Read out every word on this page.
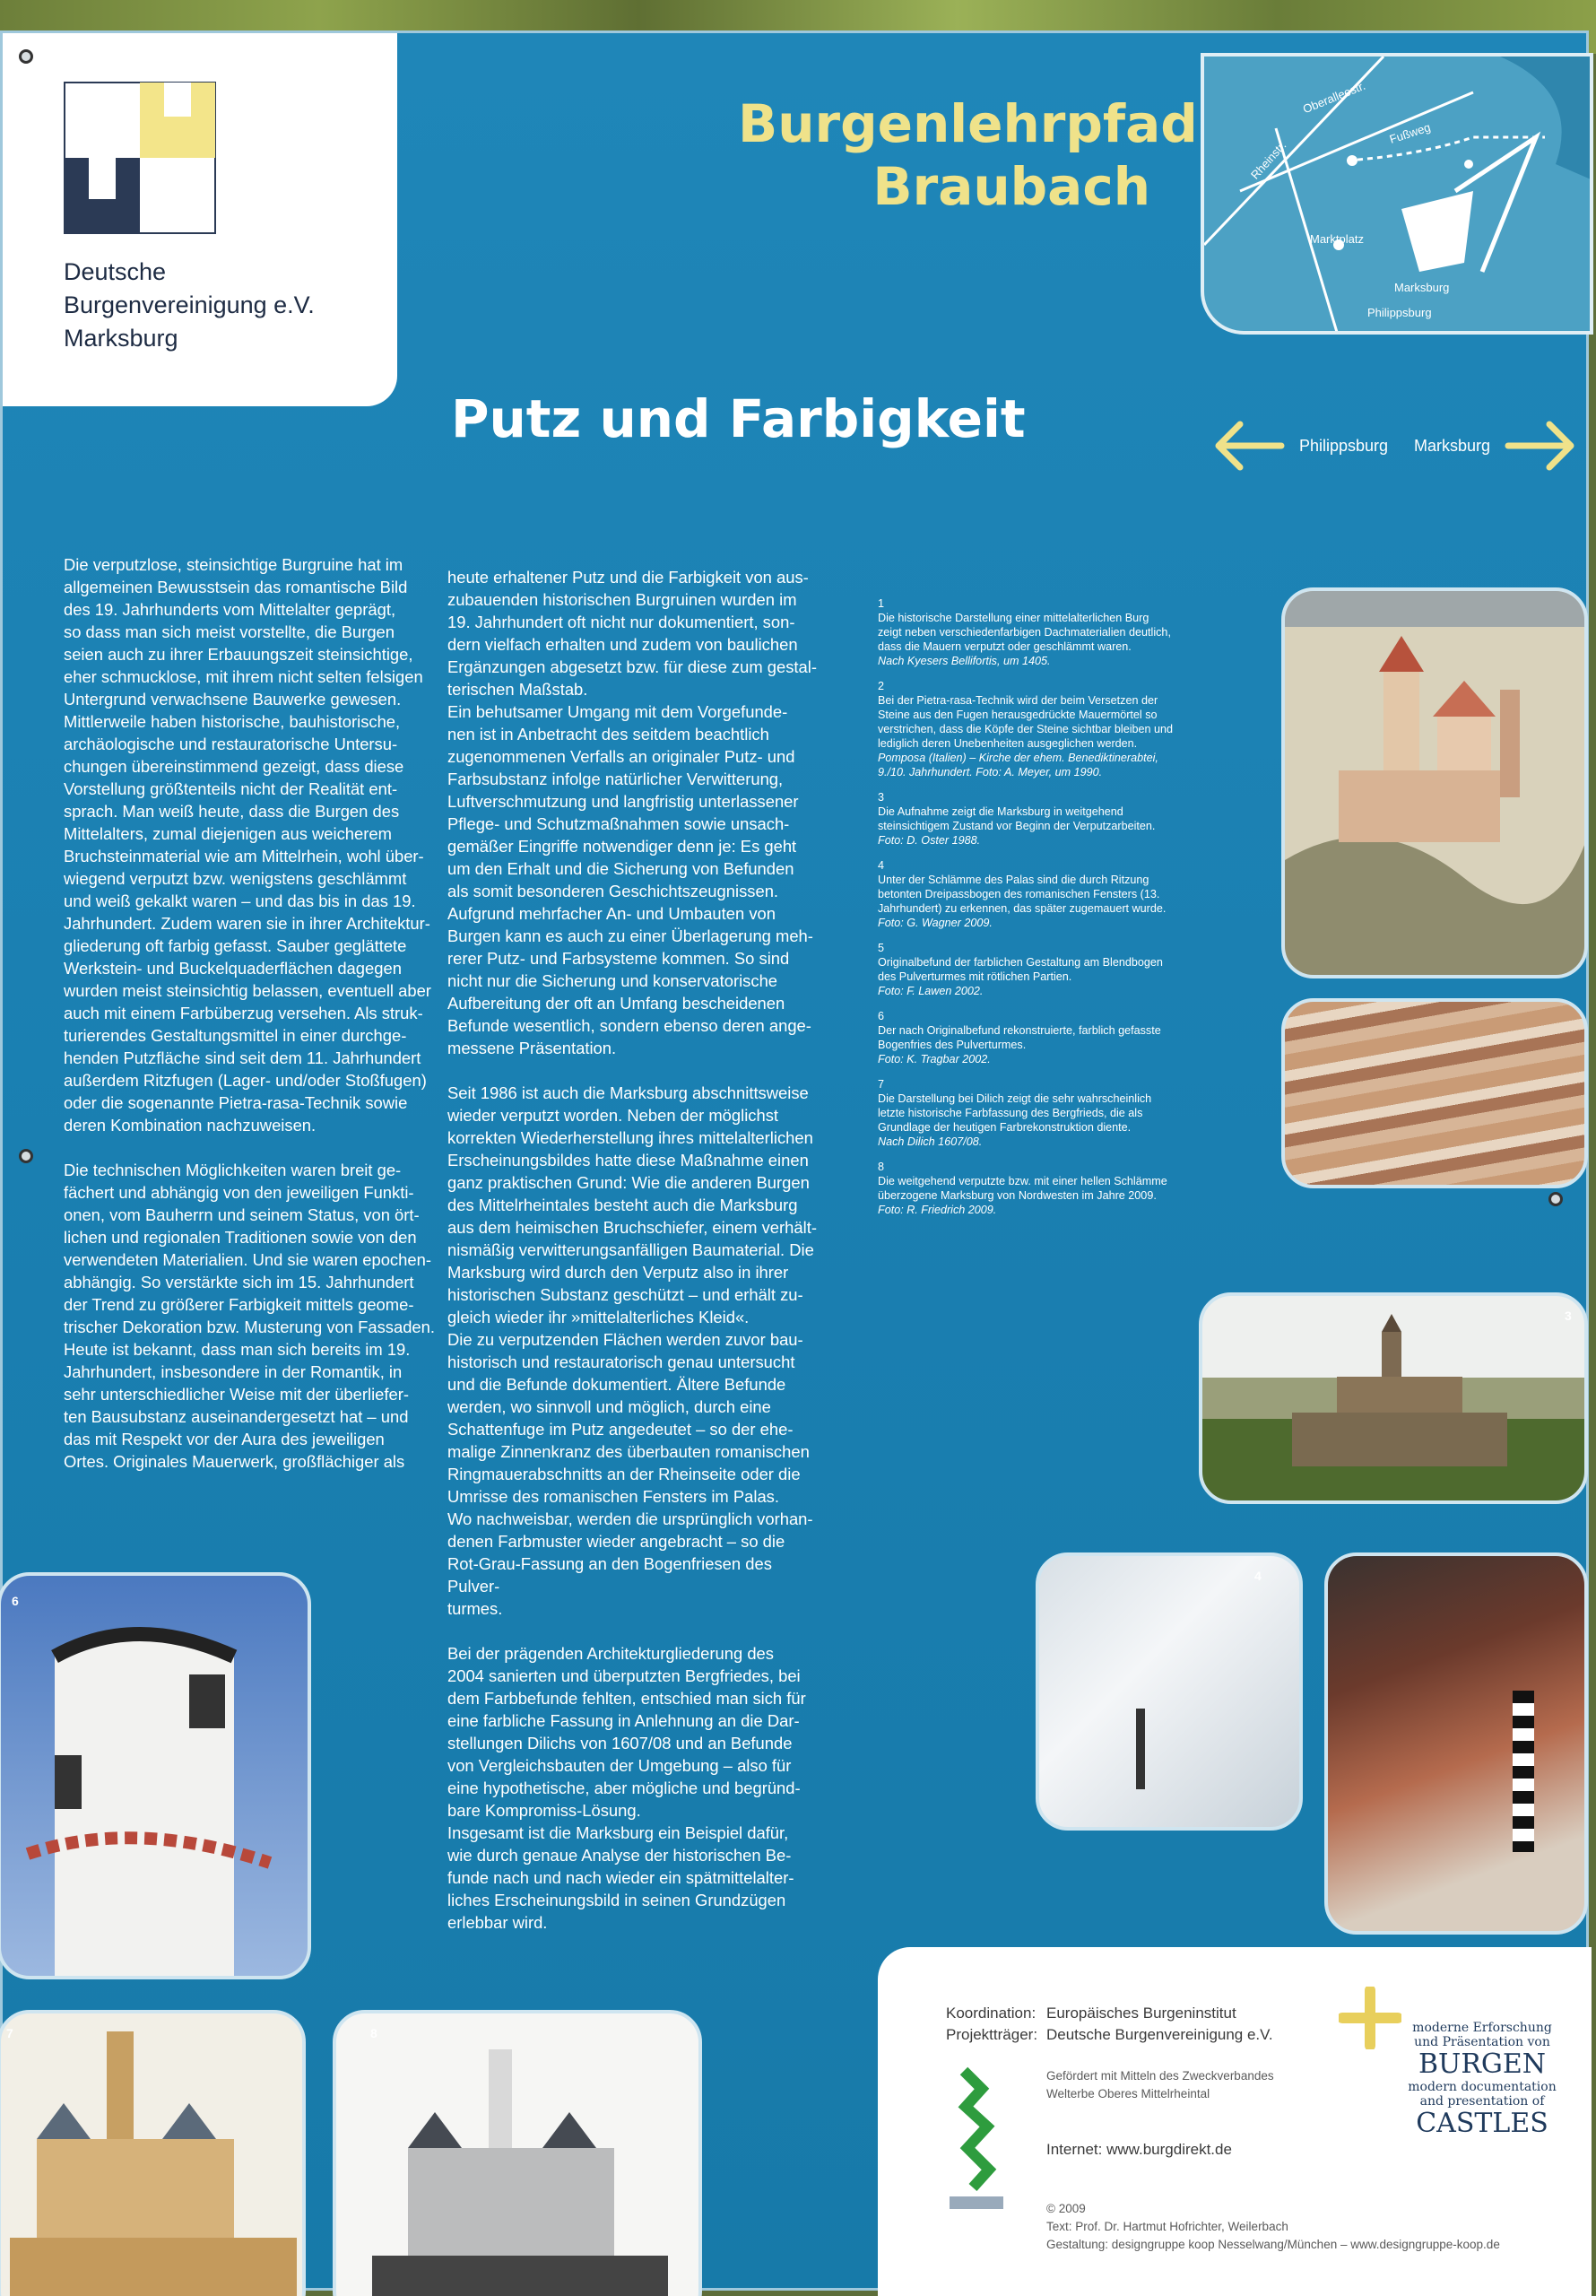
Deutsche
Burgenvereinigung e.V.
Marksburg
Burgenlehrpfad
Braubach	Rheinstr.
Oberalleestr.
Fußweg
Marktplatz
Marksburg
Philippsburg
Putz und Farbigkeit	Philippsburg Marksburg
Die verputzlose, steinsichtige Burgruine hat im
allgemeinen Bewusstsein das romantische Bild
des 19. Jahrhunderts vom Mittelalter geprägt,
so dass man sich meist vorstellte, die Burgen
seien auch zu ihrer Erbauungszeit steinsichtige,
eher schmucklose, mit ihrem nicht selten felsigen
Untergrund verwachsene Bauwerke gewesen.
Mittlerweile haben historische, bauhistorische,
archäologische und restauratorische Untersu-
chungen übereinstimmend gezeigt, dass diese
Vorstellung größtenteils nicht der Realität ent-
sprach. Man weiß heute, dass die Burgen des
Mittelalters, zumal diejenigen aus weicherem
Bruchsteinmaterial wie am Mittelrhein, wohl über-
wiegend verputzt bzw. wenigstens geschlämmt
und weiß gekalkt waren – und das bis in das 19.
Jahrhundert. Zudem waren sie in ihrer Architektur-
gliederung oft farbig gefasst. Sauber geglättete
Werkstein- und Buckelquaderflächen dagegen
wurden meist steinsichtig belassen, eventuell aber
auch mit einem Farbüberzug versehen. Als struk-
turierendes Gestaltungsmittel in einer durchge-
henden Putzfläche sind seit dem 11. Jahrhundert
außerdem Ritzfugen (Lager- und/oder Stoßfugen)
oder die sogenannte Pietra-rasa-Technik sowie
deren Kombination nachzuweisen.

Die technischen Möglichkeiten waren breit ge-
fächert und abhängig von den jeweiligen Funkti-
onen, vom Bauherrn und seinem Status, von ört-
lichen und regionalen Traditionen sowie von den
verwendeten Materialien. Und sie waren epochen-
abhängig. So verstärkte sich im 15. Jahrhundert
der Trend zu größerer Farbigkeit mittels geome-
trischer Dekoration bzw. Musterung von Fassaden.
Heute ist bekannt, dass man sich bereits im 19.
Jahrhundert, insbesondere in der Romantik, in
sehr unterschiedlicher Weise mit der überliefer-
ten Bausubstanz auseinandergesetzt hat – und
das mit Respekt vor der Aura des jeweiligen
Ortes. Originales Mauerwerk, großflächiger als
heute erhaltener Putz und die Farbigkeit von aus-
zubauenden historischen Burgruinen wurden im
19. Jahrhundert oft nicht nur dokumentiert, son-
dern vielfach erhalten und zudem von baulichen
Ergänzungen abgesetzt bzw. für diese zum gestal-
terischen Maßstab.
Ein behutsamer Umgang mit dem Vorgefunde-
nen ist in Anbetracht des seitdem beachtlich
zugenommenen Verfalls an originaler Putz- und
Farbsubstanz infolge natürlicher Verwitterung,
Luftverschmutzung und langfristig unterlassener
Pflege- und Schutzmaßnahmen sowie unsach-
gemäßer Eingriffe notwendiger denn je: Es geht
um den Erhalt und die Sicherung von Befunden
als somit besonderen Geschichtszeugnissen.
Aufgrund mehrfacher An- und Umbauten von
Burgen kann es auch zu einer Überlagerung meh-
rerer Putz- und Farbsysteme kommen. So sind
nicht nur die Sicherung und konservatorische
Aufbereitung der oft an Umfang bescheidenen
Befunde wesentlich, sondern ebenso deren ange-
messene Präsentation.

Seit 1986 ist auch die Marksburg abschnittsweise
wieder verputzt worden. Neben der möglichst
korrekten Wiederherstellung ihres mittelalterlichen
Erscheinungsbildes hatte diese Maßnahme einen
ganz praktischen Grund: Wie die anderen Burgen
des Mittelrheintales besteht auch die Marksburg
aus dem heimischen Bruchschiefer, einem verhält-
nismäßig verwitterungsanfälligen Baumaterial. Die
Marksburg wird durch den Verputz also in ihrer
historischen Substanz geschützt – und erhält zu-
gleich wieder ihr »mittelalterliches Kleid«.
Die zu verputzenden Flächen werden zuvor bau-
historisch und restauratorisch genau untersucht
und die Befunde dokumentiert. Ältere Befunde
werden, wo sinnvoll und möglich, durch eine
Schattenfuge im Putz angedeutet – so der ehe-
malige Zinnenkranz des überbauten romanischen
Ringmauerabschnitts an der Rheinseite oder die
Umrisse des romanischen Fensters im Palas.
Wo nachweisbar, werden die ursprünglich vorhan-
denen Farbmuster wieder angebracht – so die
Rot-Grau-Fassung an den Bogenfriesen des Pulver-
turmes.

Bei der prägenden Architekturgliederung des
2004 sanierten und überputzten Bergfriedes, bei
dem Farbbefunde fehlten, entschied man sich für
eine farbliche Fassung in Anlehnung an die Dar-
stellungen Dilichs von 1607/08 und an Befunde
von Vergleichsbauten der Umgebung – also für
eine hypothetische, aber mögliche und begründ-
bare Kompromiss-Lösung.
Insgesamt ist die Marksburg ein Beispiel dafür,
wie durch genaue Analyse der historischen Be-
funde nach und nach wieder ein spätmittelalter-
liches Erscheinungsbild in seinen Grundzügen
erlebbar wird.
1
Die historische Darstellung einer mittelalterlichen Burg zeigt neben verschiedenfarbigen Dachmaterialien deutlich, dass die Mauern verputzt oder geschlämmt waren.
Nach Kyesers Bellifortis, um 1405.
2
Bei der Pietra-rasa-Technik wird der beim Versetzen der Steine aus den Fugen herausgedrückte Mauermörtel so verstrichen, dass die Köpfe der Steine sichtbar bleiben und lediglich deren Unebenheiten ausgeglichen werden.
Pomposa (Italien) – Kirche der ehem. Benediktinerabtei, 9./10. Jahrhundert. Foto: A. Meyer, um 1990.
3
Die Aufnahme zeigt die Marksburg in weitgehend steinsichtigem Zustand vor Beginn der Verputzarbeiten.
Foto: D. Oster 1988.
4
Unter der Schlämme des Palas sind die durch Ritzung betonten Dreipassbogen des romanischen Fensters (13. Jahrhundert) zu erkennen, das später zugemauert wurde.
Foto: G. Wagner 2009.
5
Originalbefund der farblichen Gestaltung am Blendbogen des Pulverturmes mit rötlichen Partien.
Foto: F. Lawen 2002.
6
Der nach Originalbefund rekonstruierte, farblich gefasste Bogenfries des Pulverturmes.
Foto: K. Tragbar 2002.
7
Die Darstellung bei Dilich zeigt die sehr wahrscheinlich letzte historische Farbfassung des Bergfrieds, die als Grundlage der heutigen Farbrekonstruktion diente.
Nach Dilich 1607/08.
8
Die weitgehend verputzte bzw. mit einer hellen Schlämme überzogene Marksburg von Nordwesten im Jahre 2009.
Foto: R. Friedrich 2009.
3
4
6
7	8
Koordination: Europäisches Burgeninstitut
Projektträger: Deutsche Burgenvereinigung e.V.
Gefördert mit Mitteln des Zweckverbandes
Welterbe Oberes Mittelrheintal
Internet: www.burgdirekt.de
© 2009
Text: Prof. Dr. Hartmut Hofrichter, Weilerbach
Gestaltung: designgruppe koop Nesselwang/München – www.designgruppe-koop.de
moderne Erforschung
und Präsentation von
BURGEN
modern documentation
and presentation of
CASTLES
